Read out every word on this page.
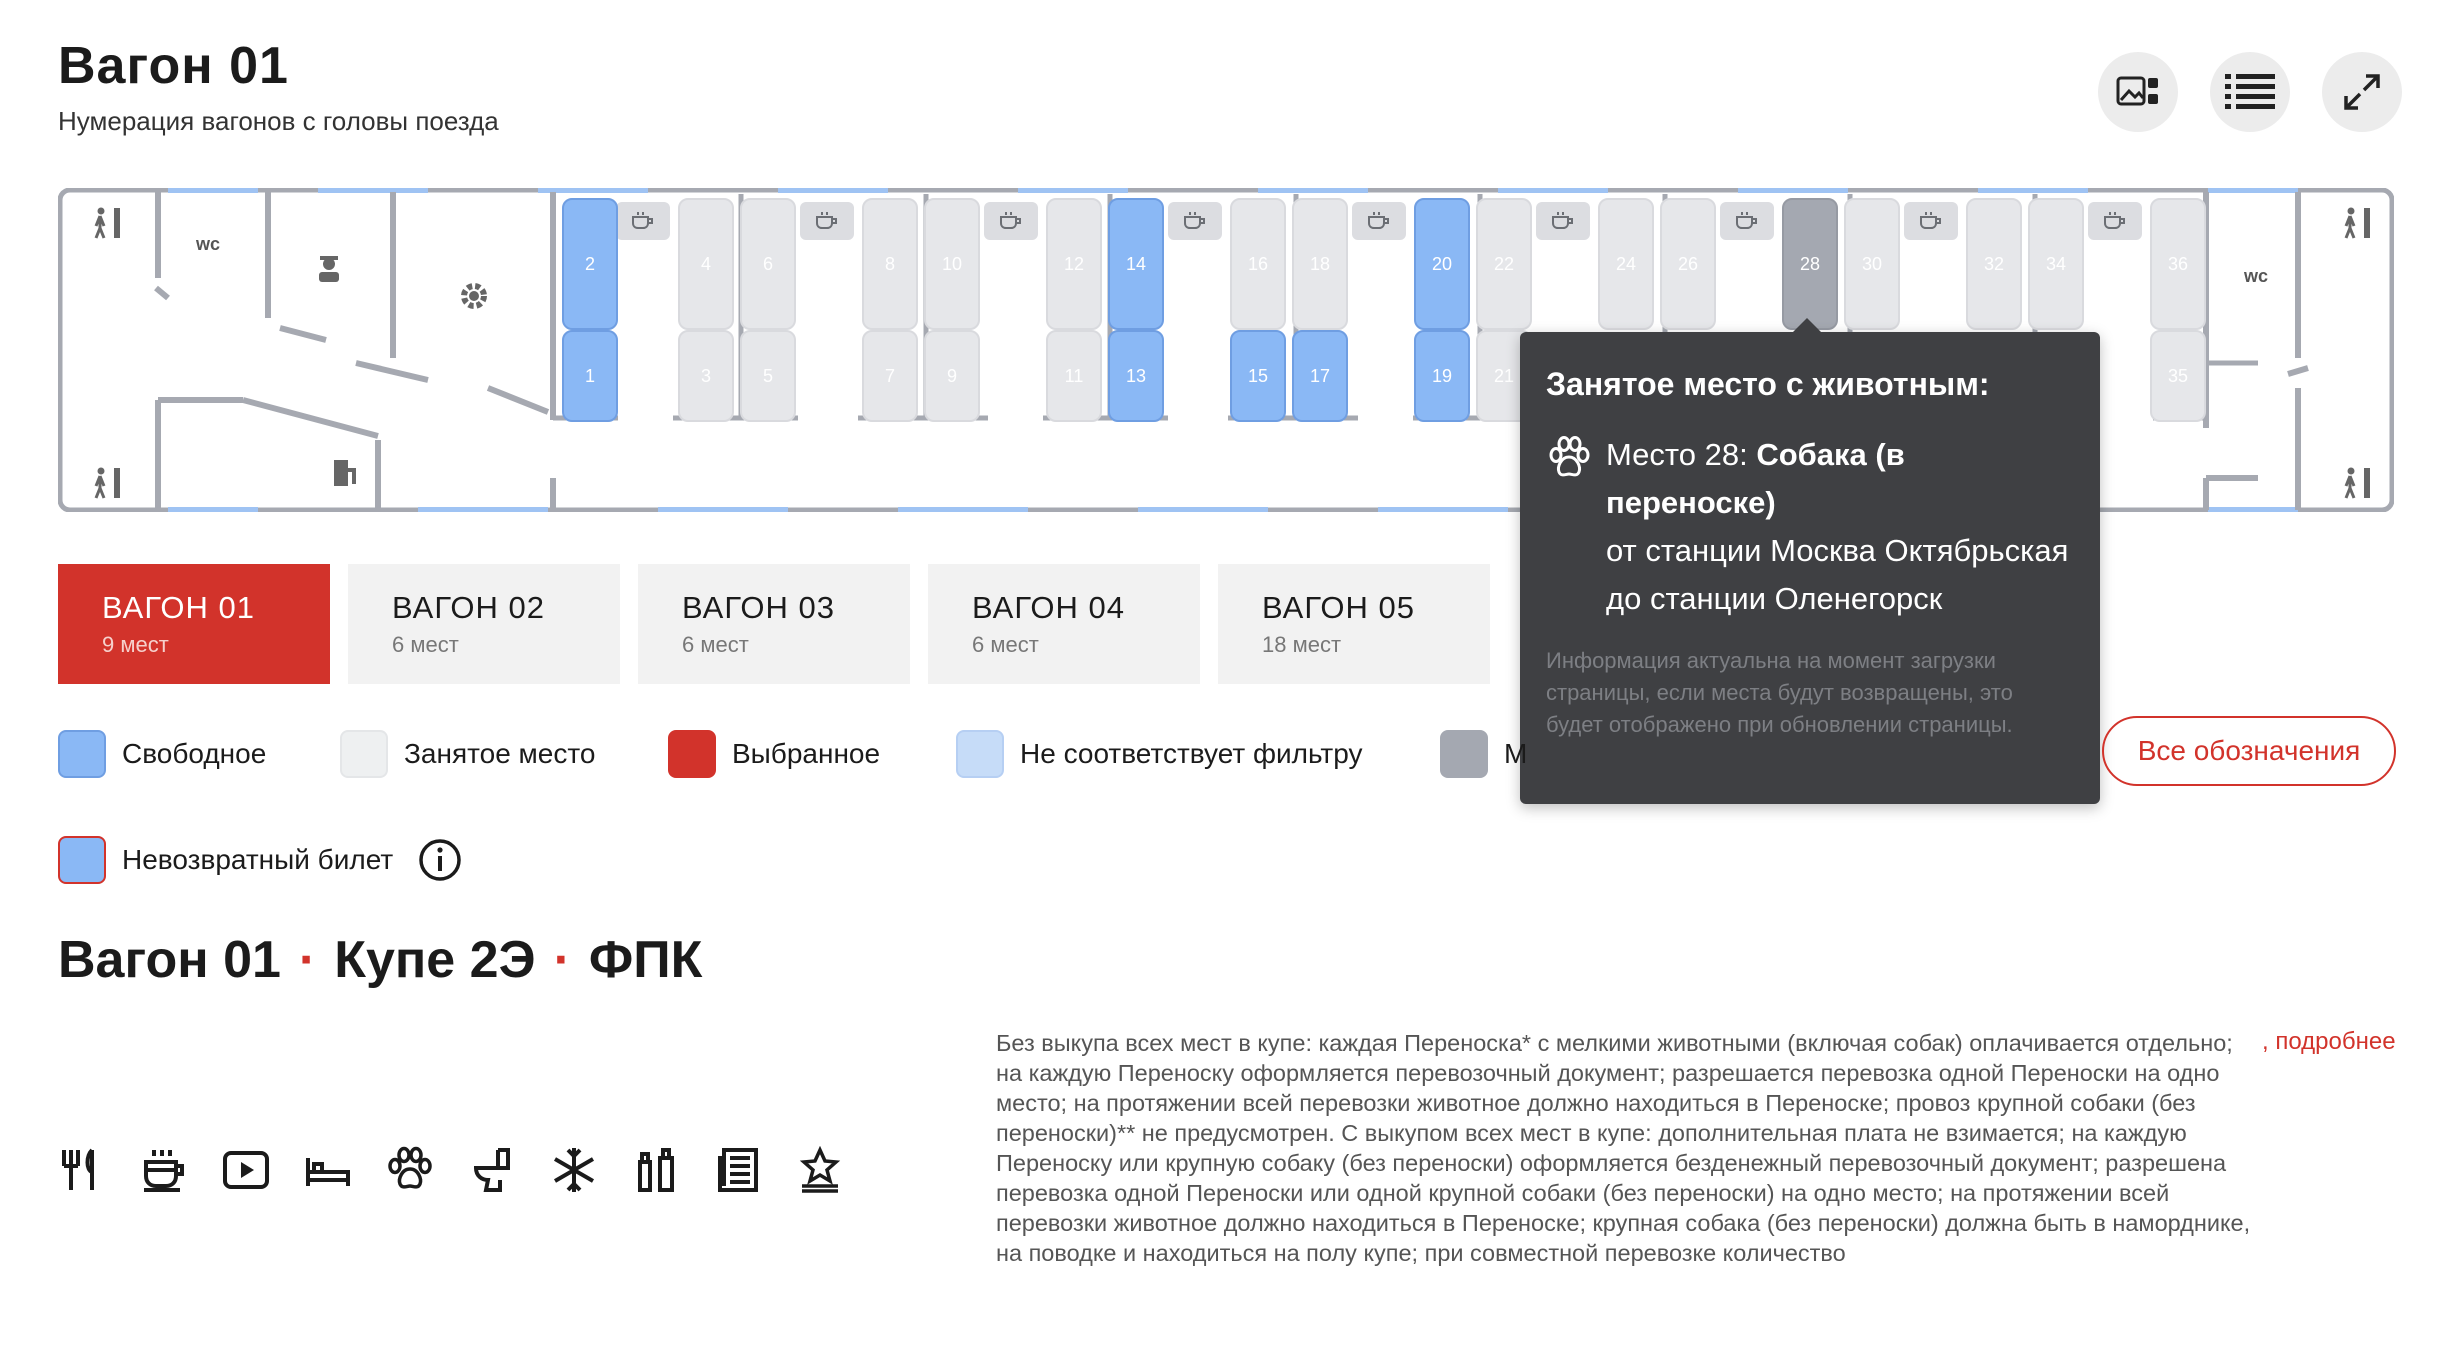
Вагон 01
Нумерация вагонов с головы поезда
wc
wc
2
1
4
3
6
5
8
7
10
9
12
11
14
13
16
15
18
17
20
19
22
21
24	26	28	30	32	34	36
35
Занятое место с животным:
Место 28: Собака (в переноске)
от станции Москва Октябрьская до станции Оленегорск
Информация актуальна на момент загрузки страницы, если места будут возвращены, это будет отображено при обновлении страницы.
ВАГОН 01
9 мест
ВАГОН 02
6 мест
ВАГОН 03
6 мест
ВАГОН 04
6 мест
ВАГОН 05
18 мест
Свободное	Занятое место	Выбранное	Не соответствует фильтру	М	Все обозначения
Невозвратный билет
Вагон 01 · Купе 2Э · ФПК
Без выкупа всех мест в купе: каждая Переноска* с мелкими животными (включая собак) оплачивается отдельно; на каждую Переноску оформляется перевозочный документ; разрешается перевозка одной Переноски на одно место; на протяжении всей перевозки животное должно находиться в Переноске; провоз крупной собаки (без переноски)** не предусмотрен. С выкупом всех мест в купе: дополнительная плата не взимается; на каждую Переноску или крупную собаку (без переноски) оформляется безденежный перевозочный документ; разрешена перевозка одной Переноски или одной крупной собаки (без переноски) на одно место; на протяжении всей перевозки животное должно находиться в Переноске; крупная собака (без переноски) должна быть в наморднике, на поводке и находиться на полу купе; при совместной перевозке количество
, подробнее
